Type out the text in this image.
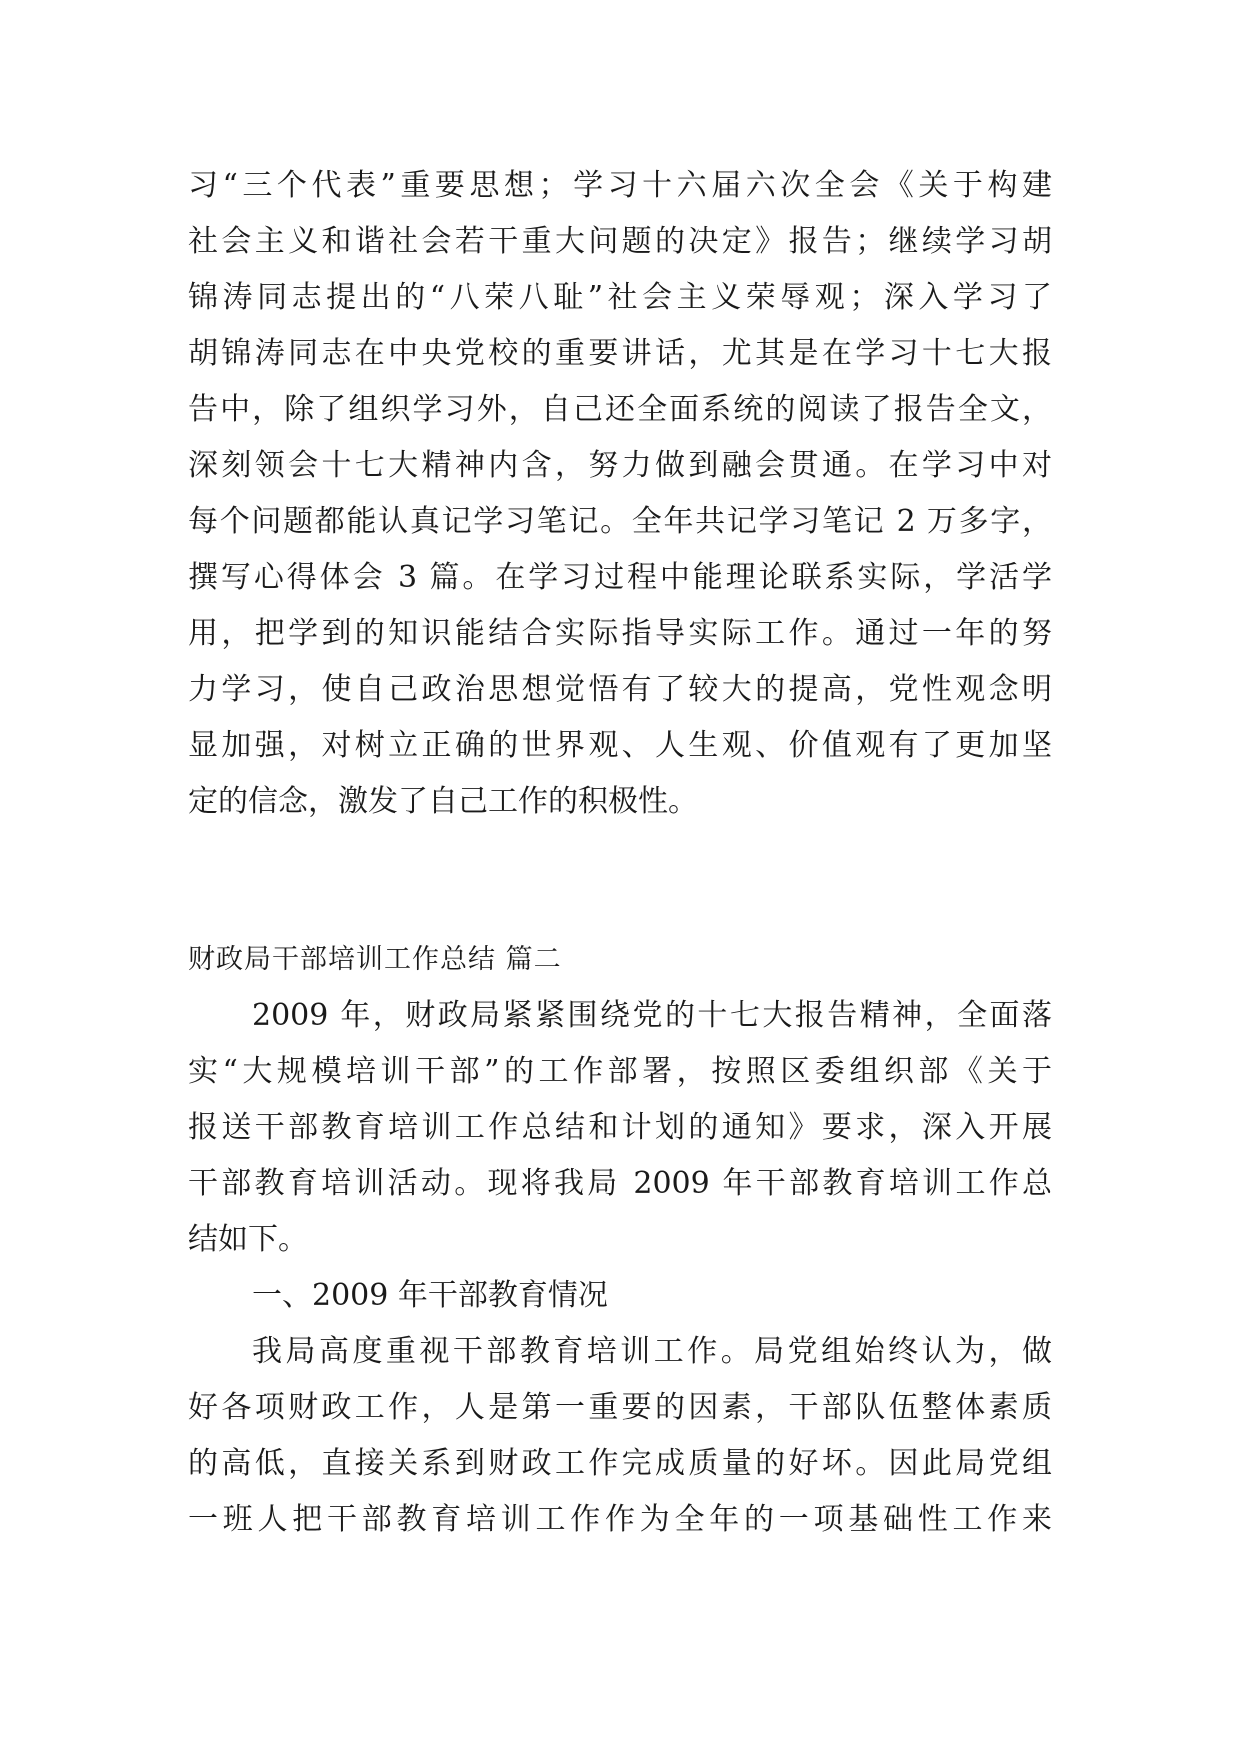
习“三个代表”重要思想；学习十六届六次全会《关于构建
社会主义和谐社会若干重大问题的决定》报告；继续学习胡
锦涛同志提出的“八荣八耻”社会主义荣辱观；深入学习了
胡锦涛同志在中央党校的重要讲话，尤其是在学习十七大报
告中，除了组织学习外，自己还全面系统的阅读了报告全文，
深刻领会十七大精神内含，努力做到融会贯通。在学习中对
每个问题都能认真记学习笔记。全年共记学习笔记 2 万多字，
撰写心得体会 3 篇。在学习过程中能理论联系实际，学活学
用，把学到的知识能结合实际指导实际工作。通过一年的努
力学习，使自己政治思想觉悟有了较大的提高，党性观念明
显加强，对树立正确的世界观、人生观、价值观有了更加坚
定的信念，激发了自己工作的积极性。
财政局干部培训工作总结 篇二
2009 年，财政局紧紧围绕党的十七大报告精神，全面落
实“大规模培训干部”的工作部署，按照区委组织部《关于
报送干部教育培训工作总结和计划的通知》要求，深入开展
干部教育培训活动。现将我局 2009 年干部教育培训工作总
结如下。
一、2009 年干部教育情况
我局高度重视干部教育培训工作。局党组始终认为，做
好各项财政工作，人是第一重要的因素，干部队伍整体素质
的高低，直接关系到财政工作完成质量的好坏。因此局党组
一班人把干部教育培训工作作为全年的一项基础性工作来
